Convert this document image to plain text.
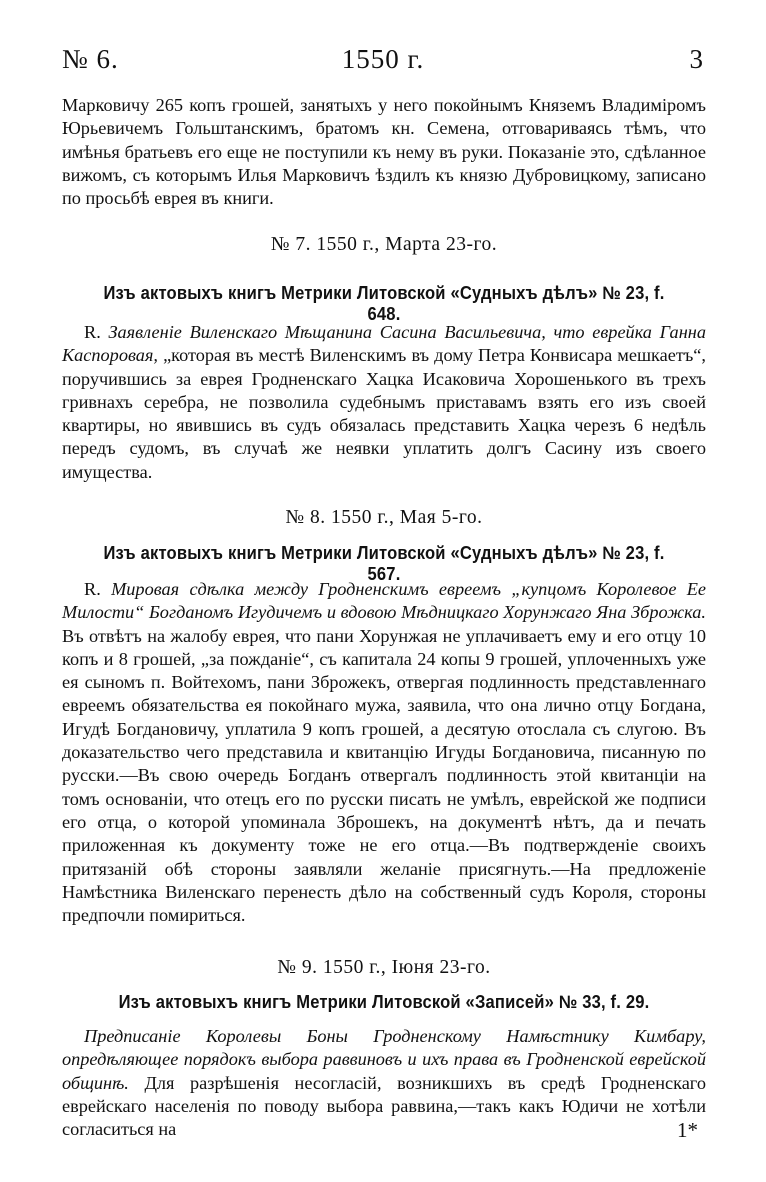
№ 6.	1550 г.	3
Марковичу 265 копъ грошей, занятыхъ у него покойнымъ Княземъ Владиміромъ Юрьевичемъ Гольштанскимъ, братомъ кн. Семена, отговариваясь тѣмъ, что имѣнья братьевъ его еще не поступили къ нему въ руки. Показаніе это, сдѣланное вижомъ, съ которымъ Илья Марковичъ ѣздилъ къ князю Дубровицкому, записано по просьбѣ еврея въ книги.
№ 7. 1550 г., Марта 23-го.
Изъ актовыхъ книгъ Метрики Литовской «Судныхъ дѣлъ» № 23, f. 648.
R. Заявленіе Виленскаго Мѣщанина Сасина Васильевича, что еврейка Ганна Каспоровая, „которая въ местѣ Виленскимъ въ дому Петра Конвисара мешкаетъ“, поручившись за еврея Гродненскаго Хацка Исаковича Хорошенького въ трехъ гривнахъ серебра, не позволила судебнымъ приставамъ взять его изъ своей квартиры, но явившись въ судъ обязалась представить Хацка черезъ 6 недѣль передъ судомъ, въ случаѣ же неявки уплатить долгъ Сасину изъ своего имущества.
№ 8. 1550 г., Мая 5-го.
Изъ актовыхъ книгъ Метрики Литовской «Судныхъ дѣлъ» № 23, f. 567.
R. Мировая сдѣлка между Гродненскимъ евреемъ „купцомъ Королевое Ее Милости“ Богданомъ Игудичемъ и вдовою Мѣдницкаго Хорунжаго Яна Зброжка. Въ отвѣтъ на жалобу еврея, что пани Хорунжая не уплачиваетъ ему и его отцу 10 копъ и 8 грошей, „за пожданіе“, съ капитала 24 копы 9 грошей, уплоченныхъ уже ея сыномъ п. Войтехомъ, пани Зброжекъ, отвергая подлинность представленнаго евреемъ обязательства ея покойнаго мужа, заявила, что она лично отцу Богдана, Игудѣ Богдановичу, уплатила 9 копъ грошей, а десятую отослала съ слугою. Въ доказательство чего представила и квитанцію Игуды Богдановича, писанную по русски.—Въ свою очередь Богданъ отвергалъ подлинность этой квитанціи на томъ основаніи, что отецъ его по русски писать не умѣлъ, еврейской же подписи его отца, о которой упоминала Зброшекъ, на документѣ нѣтъ, да и печать приложенная къ документу тоже не его отца.—Въ подтвержденіе своихъ притязаній обѣ стороны заявляли желаніе присягнуть.—На предложеніе Намѣстника Виленскаго перенесть дѣло на собственный судъ Короля, стороны предпочли помириться.
№ 9. 1550 г., Іюня 23-го.
Изъ актовыхъ книгъ Метрики Литовской «Записей» № 33, f. 29.
Предписаніе Королевы Боны Гродненскому Намѣстнику Кимбару, опредѣляющее порядокъ выбора раввиновъ и ихъ права въ Гродненской еврейской общинѣ. Для разрѣшенія несогласій, возникшихъ въ средѣ Гродненскаго еврейскаго населенія по поводу выбора раввина,—такъ какъ Юдичи не хотѣли согласиться на	1*
